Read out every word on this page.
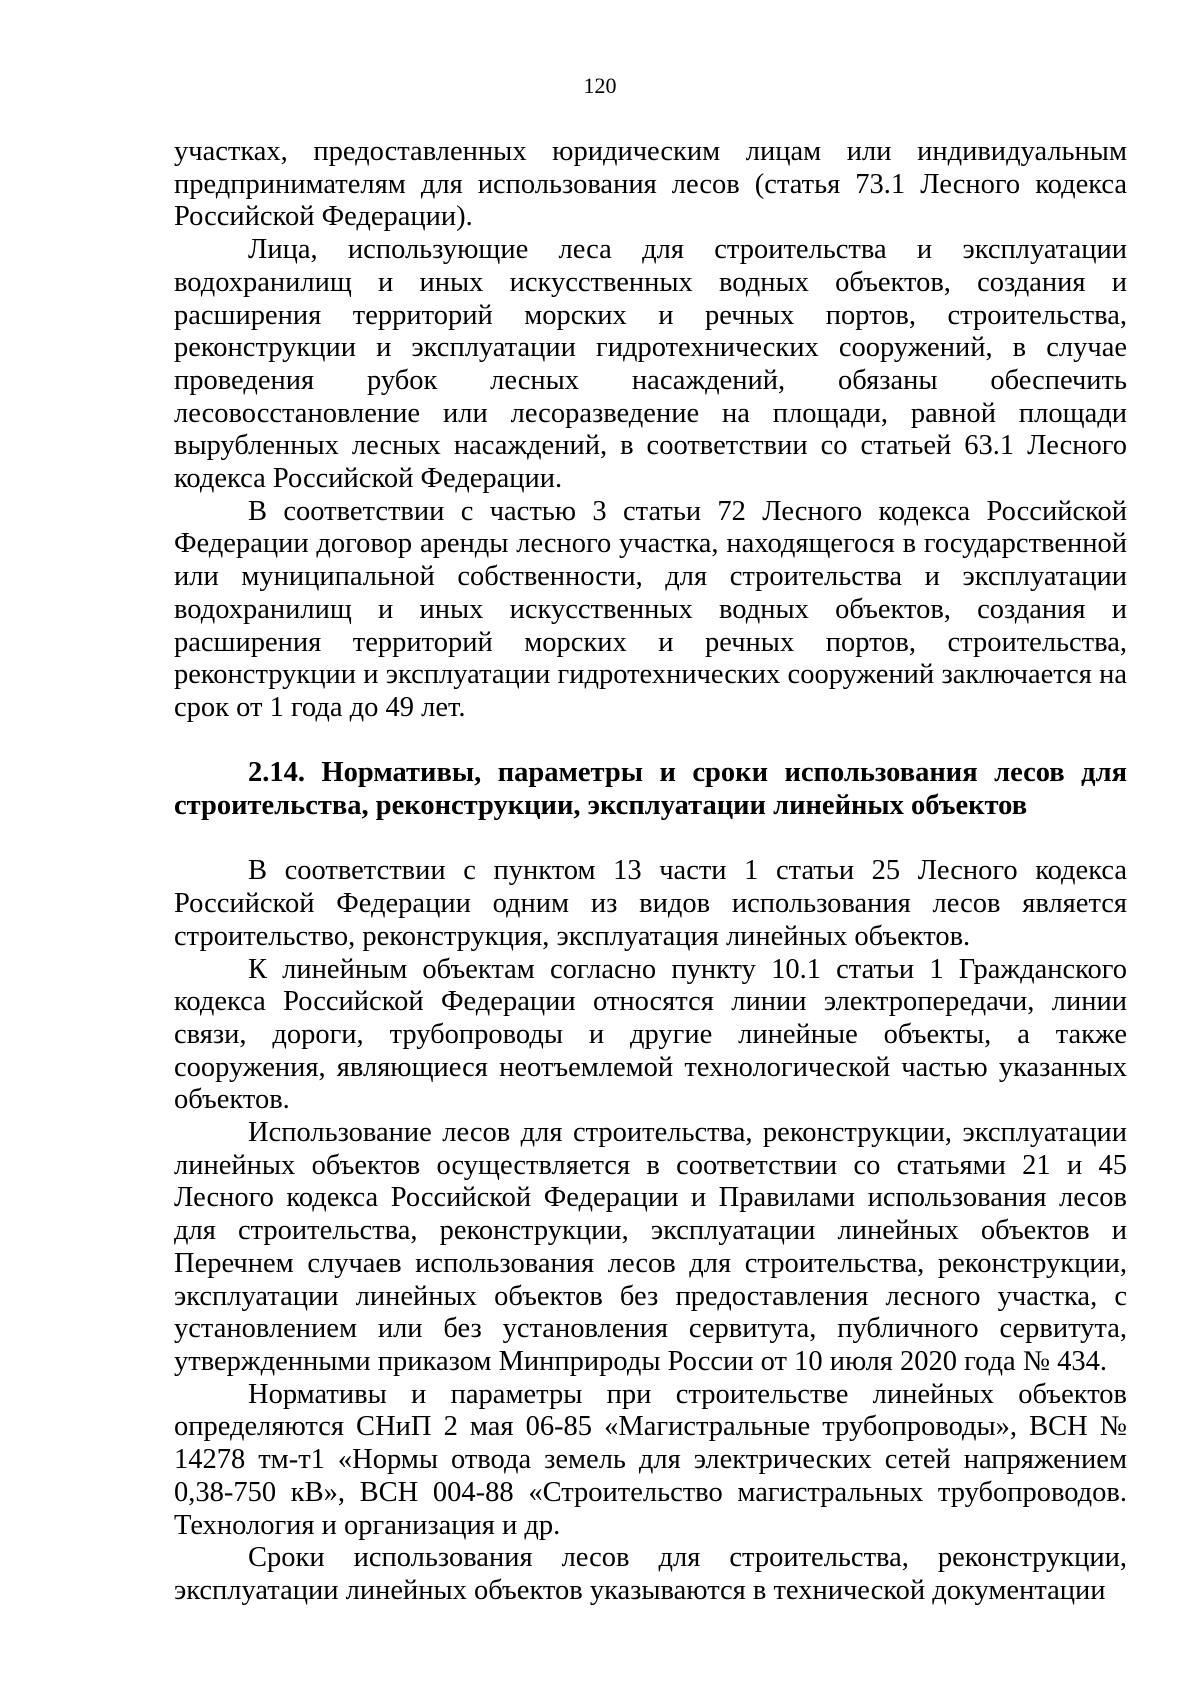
120

участках, предоставленных юридическим лицам или индивидуальным предпринимателям для использования лесов (статья 73.1 Лесного кодекса Российской Федерации).

Лица, использующие леса для строительства и эксплуатации водохранилищ и иных искусственных водных объектов, создания и расширения территорий морских и речных портов, строительства, реконструкции и эксплуатации гидротехнических сооружений, в случае проведения рубок лесных насаждений, обязаны обеспечить лесовосстановление или лесоразведение на площади, равной площади вырубленных лесных насаждений, в соответствии со статьей 63.1 Лесного кодекса Российской Федерации.

В соответствии с частью 3 статьи 72 Лесного кодекса Российской Федерации договор аренды лесного участка, находящегося в государственной или муниципальной собственности, для строительства и эксплуатации водохранилищ и иных искусственных водных объектов, создания и расширения территорий морских и речных портов, строительства, реконструкции и эксплуатации гидротехнических сооружений заключается на срок от 1 года до 49 лет.

2.14. Нормативы, параметры и сроки использования лесов для строительства, реконструкции, эксплуатации линейных объектов

В соответствии с пунктом 13 части 1 статьи 25 Лесного кодекса Российской Федерации одним из видов использования лесов является строительство, реконструкция, эксплуатация линейных объектов.

К линейным объектам согласно пункту 10.1 статьи 1 Гражданского кодекса Российской Федерации относятся линии электропередачи, линии связи, дороги, трубопроводы и другие линейные объекты, а также сооружения, являющиеся неотъемлемой технологической частью указанных объектов.

Использование лесов для строительства, реконструкции, эксплуатации линейных объектов осуществляется в соответствии со статьями 21 и 45 Лесного кодекса Российской Федерации и Правилами использования лесов для строительства, реконструкции, эксплуатации линейных объектов и Перечнем случаев использования лесов для строительства, реконструкции, эксплуатации линейных объектов без предоставления лесного участка, с установлением или без установления сервитута, публичного сервитута, утвержденными приказом Минприроды России от 10 июля 2020 года № 434.

Нормативы и параметры при строительстве линейных объектов определяются СНиП 2 мая 06-85 «Магистральные трубопроводы», ВСН № 14278 тм-т1 «Нормы отвода земель для электрических сетей напряжением 0,38-750 кВ», ВСН 004-88 «Строительство магистральных трубопроводов. Технология и организация и др.

Сроки использования лесов для строительства, реконструкции, эксплуатации линейных объектов указываются в технической документации
